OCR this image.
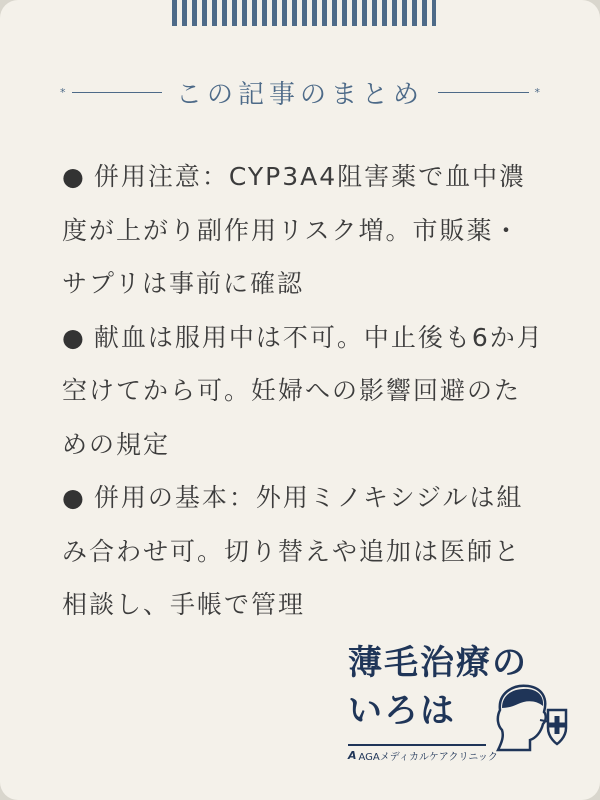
*	この記事のまとめ	*

● 併用注意：CYP3A4阻害薬で血中濃度が上がり副作用リスク増。市販薬・サプリは事前に確認

● 献血は服用中は不可。中止後も6か月空けてから可。妊婦への影響回避のための規定

● 併用の基本：外用ミノキシジルは組み合わせ可。切り替えや追加は医師と相談し、手帳で管理

薄毛治療の
いろは
A AGAメディカルケアクリニック
